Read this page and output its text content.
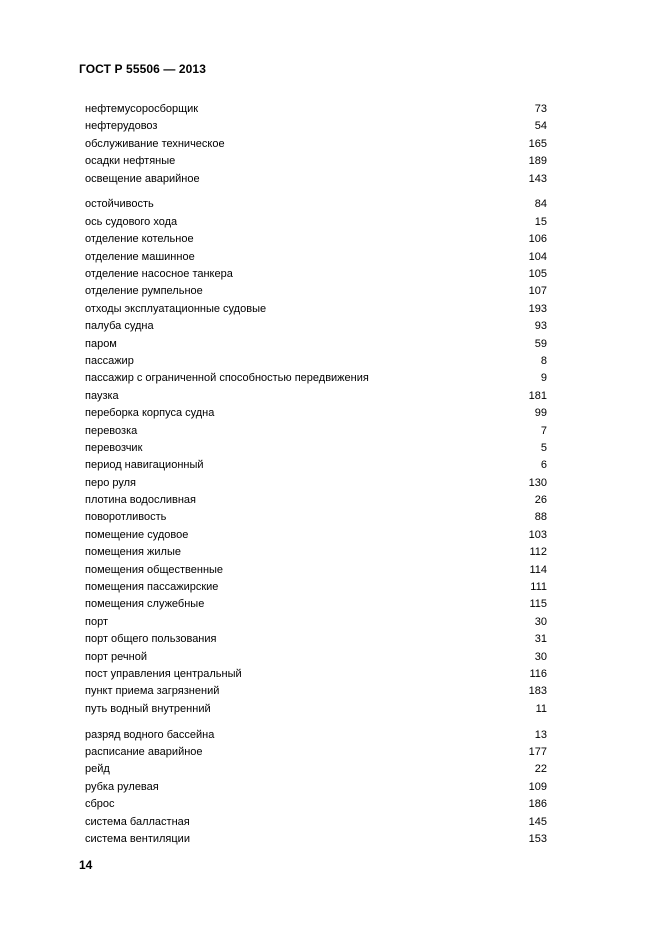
ГОСТ Р 55506 — 2013
нефтемусоросборщик	73
нефтерудовоз	54
обслуживание техническое	165
осадки нефтяные	189
освещение аварийное	143
остойчивость	84
ось судового хода	15
отделение котельное	106
отделение машинное	104
отделение насосное танкера	105
отделение румпельное	107
отходы эксплуатационные судовые	193
палуба судна	93
паром	59
пассажир	8
пассажир с ограниченной способностью передвижения	9
паузка	181
переборка корпуса судна	99
перевозка	7
перевозчик	5
период навигационный	6
перо руля	130
плотина водосливная	26
поворотливость	88
помещение судовое	103
помещения жилые	112
помещения общественные	114
помещения пассажирские	111
помещения служебные	115
порт	30
порт общего пользования	31
порт речной	30
пост управления центральный	116
пункт приема загрязнений	183
путь водный внутренний	11
разряд водного бассейна	13
расписание аварийное	177
рейд	22
рубка рулевая	109
сброс	186
система балластная	145
система вентиляции	153
14
